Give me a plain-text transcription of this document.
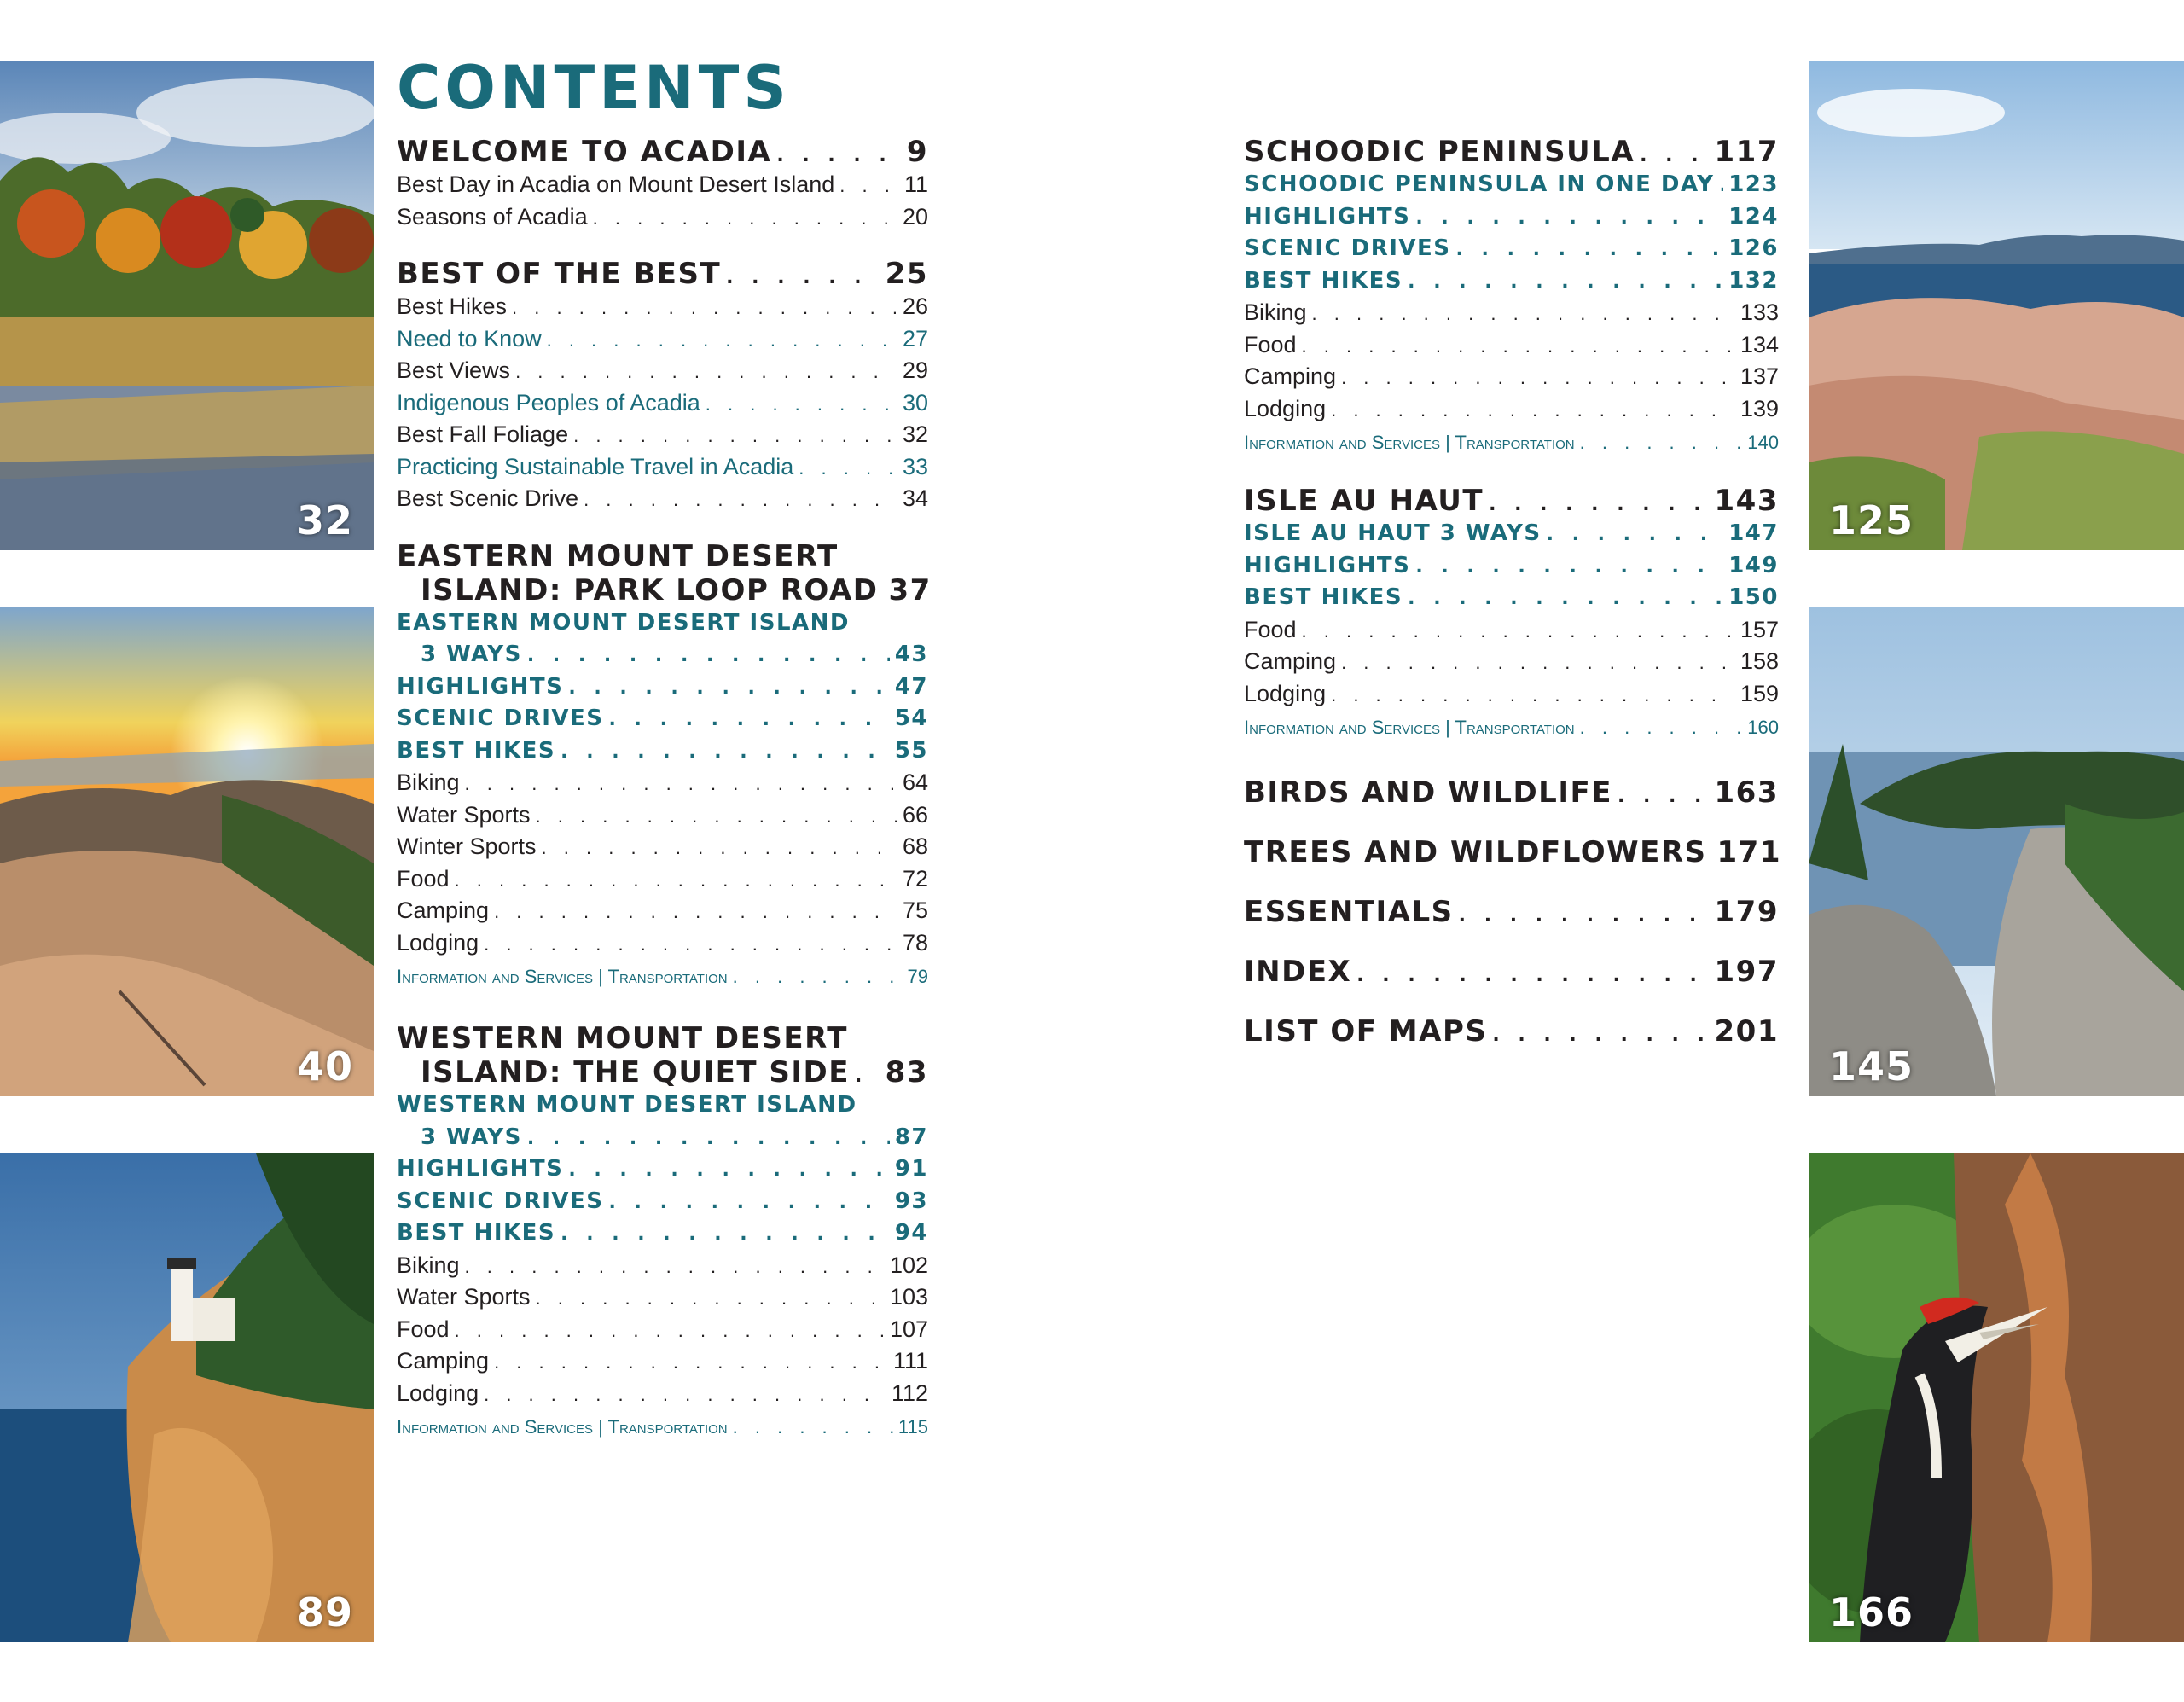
32
40
89
125
145
166
CONTENTS
WELCOME TO ACADIA . . .	9
Best Day in Acadia on Mount Desert Island . . .	11
Seasons of Acadia . . .	20
BEST OF THE BEST . . .	25
Best Hikes . . .	26
Need to Know . . .	27
Best Views . . .	29
Indigenous Peoples of Acadia . . .	30
Best Fall Foliage . . .	32
Practicing Sustainable Travel in Acadia . . .	33
Best Scenic Drive . . .	34
EASTERN MOUNT DESERT
ISLAND: PARK LOOP ROAD 37
EASTERN MOUNT DESERT ISLAND
3 WAYS . . .	43
HIGHLIGHTS . . .	47
SCENIC DRIVES . . .	54
BEST HIKES . . .	55
Biking . . .	64
Water Sports . . .	66
Winter Sports . . .	68
Food . . .	72
Camping . . .	75
Lodging . . .	78
Information and Services | Transportation . . .	79
WESTERN MOUNT DESERT
ISLAND: THE QUIET SIDE . . . 83
WESTERN MOUNT DESERT ISLAND
3 WAYS . . .	87
HIGHLIGHTS . . .	91
SCENIC DRIVES . . .	93
BEST HIKES . . .	94
Biking . . .	102
Water Sports . . .	103
Food . . .	107
Camping . . .	111
Lodging . . .	112
Information and Services | Transportation . . .	115
SCHOODIC PENINSULA . . .	117
SCHOODIC PENINSULA IN ONE DAY . . . 123
HIGHLIGHTS . . .	124
SCENIC DRIVES . . .	126
BEST HIKES . . .	132
Biking . . .	133
Food . . .	134
Camping . . .	137
Lodging . . .	139
Information and Services | Transportation . . .	140
ISLE AU HAUT . . .	143
ISLE AU HAUT 3 WAYS . . .	147
HIGHLIGHTS . . .	149
BEST HIKES . . .	150
Food . . .	157
Camping . . .	158
Lodging . . .	159
Information and Services | Transportation . . .	160
BIRDS AND WILDLIFE . . .	163
TREES AND WILDFLOWERS 171
ESSENTIALS . . .	179
INDEX . . .	197
LIST OF MAPS . . .	201
